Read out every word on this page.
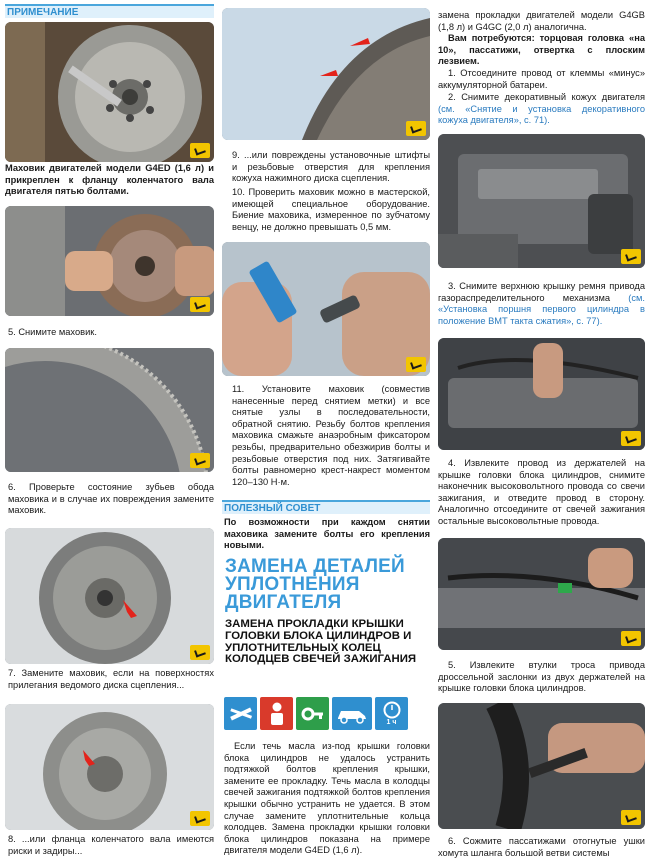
ПРИМЕЧАНИЕ
Маховик двигателей модели G4ED (1,6 л) и прикреплен к фланцу коленчатого вала двигателя пятью болтами.
5. Снимите маховик.
6. Проверьте состояние зубьев обода маховика и в случае их повреждения замените маховик.
7. Замените маховик, если на поверхностях прилегания ведомого диска сцепления...
8. ...или фланца коленчатого вала имеются риски и задиры...
9. ...или повреждены установочные штифты и резьбовые отверстия для крепления кожуха нажимного диска сцепления.
10. Проверить маховик можно в мастерской, имеющей специальное оборудование. Биение маховика, измеренное по зубчатому венцу, не должно превышать 0,5 мм.
11. Установите маховик (совместив нанесенные перед снятием метки) и все снятые узлы в последовательности, обратной снятию. Резьбу болтов крепления маховика смажьте анаэробным фиксатором резьбы, предварительно обезжирив болты и резьбовые отверстия под них. Затягивайте болты равномерно крест-накрест моментом 120–130 Н·м.
ПОЛЕЗНЫЙ СОВЕТ
По возможности при каждом снятии маховика замените болты его крепления новыми.
ЗАМЕНА ДЕТАЛЕЙ УПЛОТНЕНИЯ ДВИГАТЕЛЯ
ЗАМЕНА ПРОКЛАДКИ КРЫШКИ ГОЛОВКИ БЛОКА ЦИЛИНДРОВ И УПЛОТНИТЕЛЬНЫХ КОЛЕЦ КОЛОДЦЕВ СВЕЧЕЙ ЗАЖИГАНИЯ
1 ч
Если течь масла из-под крышки головки блока цилиндров не удалось устранить подтяжкой болтов крепления крышки, замените ее прокладку. Течь масла в колодцы свечей зажигания подтяжкой болтов крепления крышки обычно устранить не удается. В этом случае замените уплотнительные кольца колодцев. Замена прокладки крышки головки блока цилиндров показана на примере двигателя модели G4ED (1,6 л).
замена прокладки двигателей модели G4GB (1,8 л) и G4GC (2,0 л) аналогична.
Вам потребуются: торцовая головка «на 10», пассатижи, отвертка с плоским лезвием.
1. Отсоедините провод от клеммы «минус» аккумуляторной батареи.
2. Снимите декоративный кожух двигателя (см. «Снятие и установка декоративного кожуха двигателя», с. 71).
3. Снимите верхнюю крышку ремня привода газораспределительного механизма (см. «Установка поршня первого цилиндра в положение ВМТ такта сжатия», с. 77).
4. Извлеките провод из держателей на крышке головки блока цилиндров, снимите наконечник высоковольтного провода со свечи зажигания, и отведите провод в сторону. Аналогично отсоедините от свечей зажигания остальные высоковольтные провода.
5. Извлеките втулки троса привода дроссельной заслонки из двух держателей на крышке головки блока цилиндров.
6. Сожмите пассатижами отогнутые ушки хомута шланга большой ветви системы
